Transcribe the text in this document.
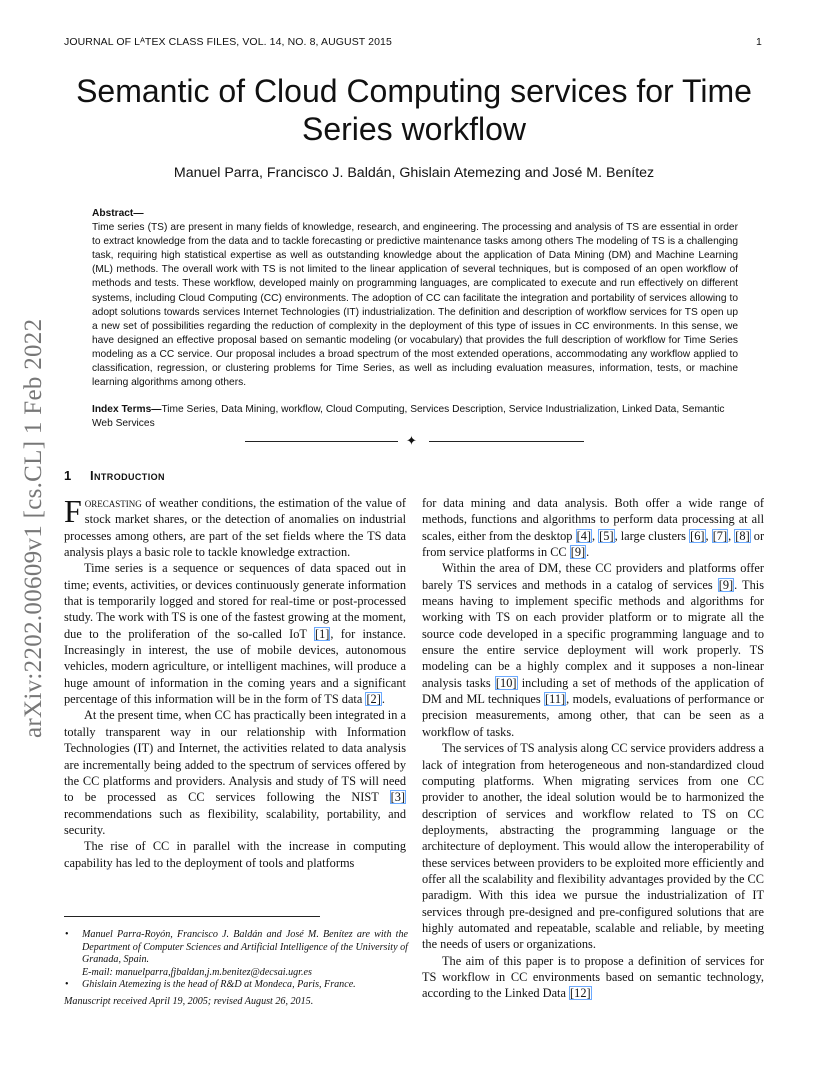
JOURNAL OF LᴬTEX CLASS FILES, VOL. 14, NO. 8, AUGUST 2015	1
Semantic of Cloud Computing services for Time Series workflow
Manuel Parra, Francisco J. Baldán, Ghislain Atemezing and José M. Benítez

Abstract—

Time series (TS) are present in many fields of knowledge, research, and engineering. The processing and analysis of TS are essential in order to extract knowledge from the data and to tackle forecasting or predictive maintenance tasks among others The modeling of TS is a challenging task, requiring high statistical expertise as well as outstanding knowledge about the application of Data Mining (DM) and Machine Learning (ML) methods. The overall work with TS is not limited to the linear application of several techniques, but is composed of an open workflow of methods and tests. These workflow, developed mainly on programming languages, are complicated to execute and run effectively on different systems, including Cloud Computing (CC) environments. The adoption of CC can facilitate the integration and portability of services allowing to adopt solutions towards services Internet Technologies (IT) industrialization. The definition and description of workflow services for TS open up a new set of possibilities regarding the reduction of complexity in the deployment of this type of issues in CC environments. In this sense, we have designed an effective proposal based on semantic modeling (or vocabulary) that provides the full description of workflow for Time Series modeling as a CC service. Our proposal includes a broad spectrum of the most extended operations, accommodating any workflow applied to classification, regression, or clustering problems for Time Series, as well as including evaluation measures, information, tests, or machine learning algorithms among others.

Index Terms—Time Series, Data Mining, workflow, Cloud Computing, Services Description, Service Industrialization, Linked Data, Semantic Web Services
✦
arXiv:2202.00609v1 [cs.CL] 1 Feb 2022 1 Introduction

Forecasting of weather conditions, the estimation of the value of stock market shares, or the detection of anomalies on industrial processes among others, are part of the set fields where the TS data analysis plays a basic role to tackle knowledge extraction.

Time series is a sequence or sequences of data spaced out in time; events, activities, or devices continuously generate information that is temporarily logged and stored for real-time or post-processed study. The work with TS is one of the fastest growing at the moment, due to the proliferation of the so-called IoT [1], for instance. Increasingly in interest, the use of mobile devices, autonomous vehicles, modern agriculture, or intelligent machines, will produce a huge amount of information in the coming years and a significant percentage of this information will be in the form of TS data [2].

At the present time, when CC has practically been integrated in a totally transparent way in our relationship with Information Technologies (IT) and Internet, the activities related to data analysis are incrementally being added to the spectrum of services offered by the CC platforms and providers. Analysis and study of TS will need to be processed as CC services following the NIST [3] recommendations such as flexibility, scalability, portability, and security.

The rise of CC in parallel with the increase in computing capability has led to the deployment of tools and platforms

for data mining and data analysis. Both offer a wide range of methods, functions and algorithms to perform data processing at all scales, either from the desktop [4], [5], large clusters [6], [7], [8] or from service platforms in CC [9].

Within the area of DM, these CC providers and platforms offer barely TS services and methods in a catalog of services [9]. This means having to implement specific methods and algorithms for working with TS on each provider platform or to migrate all the source code developed in a specific programming language and to ensure the entire service deployment will work properly. TS modeling can be a highly complex and it supposes a non-linear analysis tasks [10] including a set of methods of the application of DM and ML techniques [11], models, evaluations of performance or precision measurements, among other, that can be seen as a workflow of tasks.

The services of TS analysis along CC service providers address a lack of integration from heterogeneous and non-standardized cloud computing platforms. When migrating services from one CC provider to another, the ideal solution would be to harmonized the description of services and workflow related to TS on CC deployments, abstracting the programming language or the architecture of deployment. This would allow the interoperability of these services between providers to be exploited more efficiently and offer all the scalability and flexibility advantages provided by the CC paradigm. With this idea we pursue the industrialization of IT services through pre-designed and pre-configured solutions that are highly automated and repeatable, scalable and reliable, by meeting the needs of users or organizations.

The aim of this paper is to propose a definition of services for TS workflow in CC environments based on semantic technology, according to the Linked Data [12]

• Manuel Parra-Royón, Francisco J. Baldán and José M. Benítez are with the Department of Computer Sciences and Artificial Intelligence of the University of Granada, Spain.
E-mail: manuelparra,fjbaldan,j.m.benitez@decsai.ugr.es
• Ghislain Atemezing is the head of R&D at Mondeca, Paris, France.
Manuscript received April 19, 2005; revised August 26, 2015.
